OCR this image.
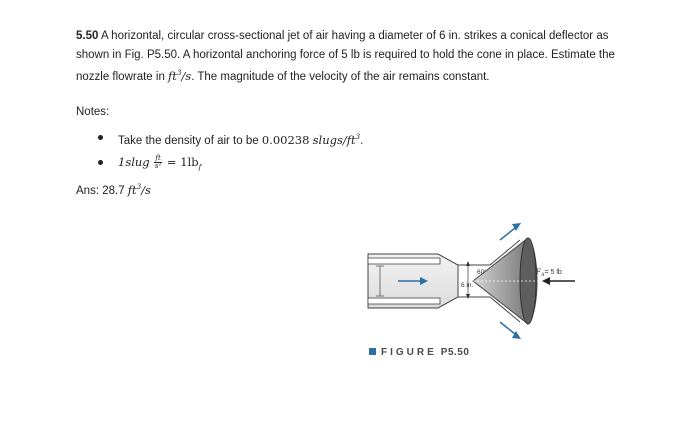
5.50 A horizontal, circular cross-sectional jet of air having a diameter of 6 in. strikes a conical deflector as shown in Fig. P5.50. A horizontal anchoring force of 5 lb is required to hold the cone in place. Estimate the nozzle flowrate in $ft^3/s$. The magnitude of the velocity of the air remains constant.

Notes:

Take the density of air to be 0.00238 slugs/$ft^3$.
1slug $\frac{ft}{\text{s²}} = 1lb_f$

Ans: 28.7 $ft^3/s$

60°
6 in.
$F_A= 5$ lb
FIGURE P5.50
